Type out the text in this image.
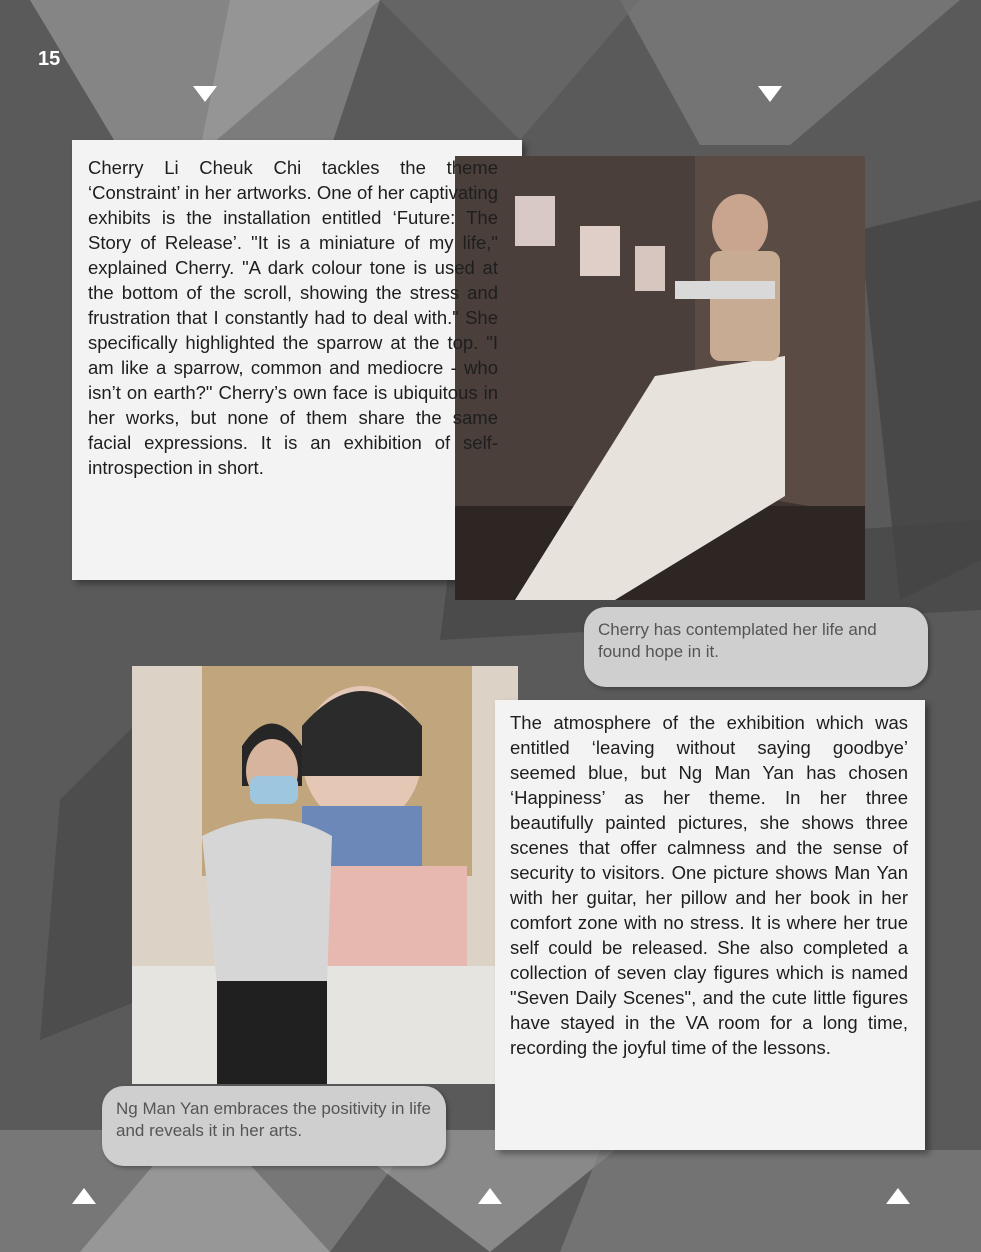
15
Cherry Li Cheuk Chi tackles the theme ‘Constraint’ in her artworks. One of her captivating exhibits is the installation entitled ‘Future: The Story of Release’. "It is a miniature of my life," explained Cherry. "A dark colour tone is used at the bottom of the scroll, showing the stress and frustration that I constantly had to deal with." She specifically highlighted the sparrow at the top. "I am like a sparrow, common and mediocre - who isn’t on earth?" Cherry’s own face is ubiquitous in her works, but none of them share the same facial expressions. It is an exhibition of self-introspection in short.
Cherry has contemplated her life and found hope in it.
The atmosphere of the exhibition which was entitled ‘leaving without saying goodbye’ seemed blue, but Ng Man Yan has chosen ‘Happiness’ as her theme. In her three beautifully painted pictures, she shows three scenes that offer calmness and the sense of security to visitors. One picture shows Man Yan with her guitar, her pillow and her book in her comfort zone with no stress. It is where her true self could be released. She also completed a collection of seven clay figures which is named "Seven Daily Scenes", and the cute little figures have stayed in the VA room for a long time, recording the joyful time of the lessons.
Ng Man Yan embraces the positivity in life and reveals it in her arts.
